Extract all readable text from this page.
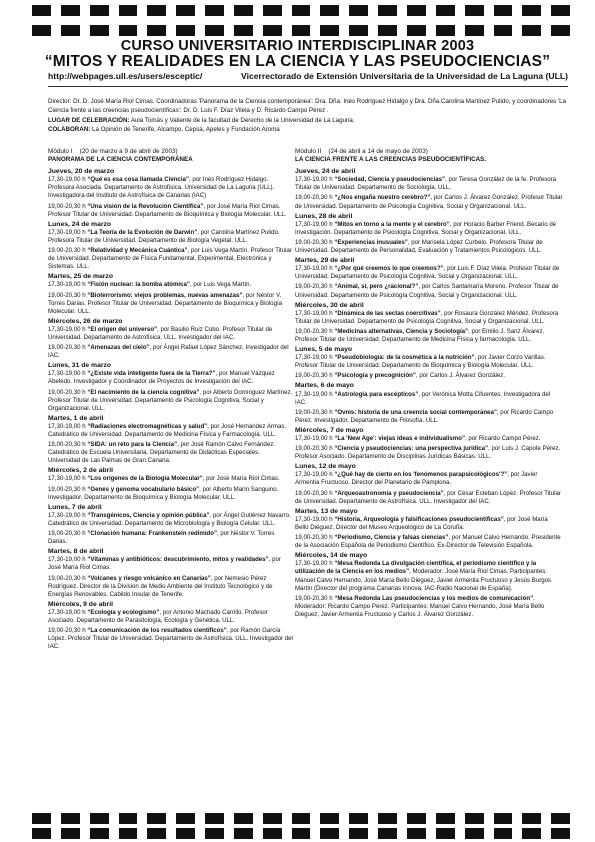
CURSO UNIVERSITARIO INTERDISCIPLINAR 2003
“MITOS Y REALIDADES EN LA CIENCIA Y LAS PSEUDOCIENCIAS”
http://webpages.ull.es/users/esceptic/	Vicerrectorado de Extensión Universitaria de la Universidad de La Laguna (ULL)
Director: Dr. D. José María Riol Cimas. Coordinadoras 'Panorama de la Ciencia contemporánea': Dra. Dña. Inés Rodríguez Hidalgo y Dra. Dña.Carolina Martínez Pulido, y coordinadores 'La Ciencia frente a las creencias pseudocientíficas': Dr. D. Luis F. Díaz Vilela y D. Ricardo Campo Pérez .
LUGAR DE CELEBRACIÓN: Aula Tomás y Valiente de la facultad de Derecho de la Universidad de La Laguna.
COLABORAN: La Opinión de Tenerife, Alcampo, Cepsa, Apeles y Fundación Aroma
Módulo I (20 de marzo a 9 de abril de 2003)
PANORAMA DE LA CIENCIA CONTEMPORÁNEA
Jueves, 20 de marzo
17,30-19,00 h “Qué es esa cosa llamada Ciencia”, por Inés Rodríguez Hidalgo. Profesora Asociada. Departamento de Astrofísica. Universidad de La Laguna (ULL). Investigadora del Instituto de Astrofísica de Canarias (IAC)
19,00-20,30 h “Una visión de la Revolución Científica”, por José María Riol Cimas. Profesor Titular de Universidad. Departamento de Bioquímica y Biología Molecular. ULL.
Lunes, 24 de marzo
17,30-19,00 h “La Teoría de la Evolución de Darwin”, por Carolina Martínez Pulido. Profesora Titular de Universidad. Departamento de Biología Vegetal. ULL.
19,00-20,30 h “Relatividad y Mecánica Cuántica”, por Luis Vega Martín. Profesor Titular de Universidad. Departamento de Física Fundamental, Experimental, Electrónica y Sistemas. ULL.
Martes, 25 de marzo
17,30-19,00 h “Fisión nuclear: la bomba atómica”, por Luis Vega Martín.
19,00-20,30 h “Bioterrorismo: viejos problemas, nuevas amenazas”, por Néstor V. Torres Darias. Profesor Titular de Universidad. Departamento de Bioquímica y Biología Molecular. ULL.
Miércoles, 26 de marzo
17,30-19,00 h “El origen del universo”, por Basilio Ruiz Cobo. Profesor Titular de Universidad. Departamento de Astrofísica. ULL. Investigador del IAC.
19,00-20,30 h “Amenazas del cielo”, por Ángel Rafael López Sánchez. Investigador del IAC.
Lunes, 31 de marzo
17,30-19,00 h “¿Existe vida inteligente fuera de la Tierra?”, por Manuel Vázquez Abeledo. Investigador y Coordinador de Proyectos de Investigación del IAC.
19,00-20,30 h “El nacimiento de la ciencia cognitiva”, por Alberto Domínguez Martínez. Profesor Titular de Universidad. Departamento de Psicología Cognitiva, Social y Organizacional. ULL.
Martes, 1 de abril
17,30-19,00 h “Radiaciones electromagnéticas y salud”, por José Hernández Armas. Catedrático de Universidad. Departamento de Medicina Física y Farmacología. ULL.
19,00-20,30 h “SIDA: un reto para la Ciencia”, por José Ramón Calvo Fernández. Catedrático de Escuela Universitaria. Departamento de Didácticas Especiales. Universidad de Las Palmas de Gran Canaria.
Miércoles, 2 de abril
17,30-19,00 h “Los orígenes de la Biología Molecular”, por José María Riol Cimas.
19,00-20,30 h “Genes y genoma vocabulario básico”, por Alberto Marín Sanguino. Investigador. Departamento de Bioquímica y Biología Molecular. ULL.
Lunes, 7 de abril
17,30-19,00 h “Transgénicos, Ciencia y opinión pública”, por Ángel Gutiérrez Navarro. Catedrático de Universidad. Departamento de Microbiología y Biología Celular. ULL.
19,00-20,30 h “Clonación humana: Frankenstein redimido”, por Néstor V. Torres Darias.
Martes, 8 de abril
17,30-19,00 h “Vitaminas y antibióticos: descubrimiento, mitos y realidades”, por José María Riol Cimas.
19,00-20,30 h “Volcanes y riesgo volcánico en Canarias”, por Nemesio Pérez Rodríguez. Director de la División de Medio Ambiente del Instituto Tecnológico y de Energías Renovables. Cabildo Insular de Tenerife.
Miércoles, 9 de abril
17,30-19,00 h “Ecología y ecologismo”, por Antonio Machado Carrillo. Profesor Asociado. Departamento de Parasitología, Ecología y Genética. ULL.
19,00-20,30 h “La comunicación de los resultados científicos”, por Ramón García López. Profesor Titular de Universidad. Departamento de Astrofísica. ULL. Investigador del IAC.
Módulo II (24 de abril a 14 de mayo de 2003)
LA CIENCIA FRENTE A LAS CREENCIAS PSEUDOCIENTÍFICAS.
Jueves, 24 de abril
17,30-19,00 h “Sociedad, Ciencia y pseudociencias”, por Teresa González de la fe. Profesora Titular de Universidad. Departamento de Sociología. ULL.
19,00-20,30 h “¿Nos engaña nuestro cerebro?”, por Carlos J. Álvarez González. Profesor Titular de Universidad. Departamento de Psicología Cognitiva, Social y Organizacional. ULL.
Lunes, 28 de abril
17,30-19,00 h “Mitos en torno a la mente y el cerebro”, por Horacio Barber Friend. Becario de Investigación. Departamento de Psicología Cognitiva, Social y Organizacional. ULL.
19,00-20,30 h “Experiencias inusuales”, por Marisela López Curbelo. Profesora Titular de Universidad. Departamento de Personalidad, Evaluación y Tratamientos Psicológicos. ULL.
Martes, 29 de abril
17,30-19,00 h “¿Por qué creemos lo que creemos?”, por Luis F. Díaz Vilela. Profesor Titular de Universidad. Departamento de Psicología Cognitiva, Social y Organizacional. ULL.
19,00-20,30 h “Animal, sí, pero ¿racional?”, por Carlos Santamaría Moreno. Profesor Titular de Universidad. Departamento de Psicología Cognitiva, Social y Organizacional. ULL.
Miércoles, 30 de abril
17,30-19,00 h “Dinámica de las sectas coercitivas”, por Rosaura González Méndez. Profesora Titular de Universidad. Departamento de Psicología Cognitiva, Social y Organizacional. ULL.
19,00-20,30 h “Medicinas alternativas, Ciencia y Sociología”, por Emilio J. Sanz Álvarez. Profesor Titular de Universidad. Departamento de Medicina Física y farmacología. ULL.
Lunes, 5 de mayo
17,30-19,00 h “Pseudobiología: de la cosmética a la nutrición”, por Javier Corzo Varillas. Profesor Titular de Universidad. Departamento de Bioquímica y Biología Molecular. ULL.
19,00-20,30 h “Psicología y precognición”, por Carlos J. Álvarez González.
Martes, 6 de mayo
17,30-19,00 h “Astrología para escépticos”, por Verónica Motta Cifuentes. Investigadora del IAC.
19,00-20,30 h “Ovnis: historia de una creencia social contemporánea”, por Ricardo Campo Pérez. Investigador. Departamento de Filosofía. ULL.
Miércoles, 7 de mayo
17,30-19,00 h “La 'New Age': viejas ideas e individualismo”, por Ricardo Campo Pérez.
19,00-20,30 h “Ciencia y pseudociencias: una perspectiva jurídica”, por Luis J. Capote Pérez. Profesor Asociado. Departamento de Disciplinas Jurídicas Básicas. ULL.
Lunes, 12 de mayo
17,30-19,00 h “¿Qué hay de cierto en los 'fenómenos parapsicológicos'?”, por Javier Armentia Fructuoso. Director del Planetario de Pamplona.
19,00-20,30 h “Arqueoastronomía y pseudociencia”, por César Esteban López. Profesor Titular de Universidad. Departamento de Astrofísica. ULL. Investigador del IAC.
Martes, 13 de mayo
17,30-19,00 h “Historia, Arqueología y falsificaciones pseudocientíficas”, por José María Bello Diéguez. Director del Museo Arqueológico de La Coruña.
19,00-20,30 h “Periodismo, Ciencia y falsas ciencias”, por Manuel Calvo Hernando. Presidente de la Asociación Española de Periodismo Científico. Ex-Director de Televisión Española.
Miércoles, 14 de mayo
17,30-19,00 h “Mesa Redonda La divulgación científica, el periodismo científico y la utilización de la Ciencia en los medios”, Moderador: José María Riol Cimas. Participantes: Manuel Calvo Hernando, José María Bello Diéguez, Javier Armentia Fructuoso y Jesús Burgos Martín (Director del programa Canarias Innova, IAC-Radio Nacional de España).
19,00-20,30 h “Mesa Redonda Las pseudociencias y los medios de comunicación”. Moderador: Ricardo Campo Pérez. Participantes: Manuel Calvo Hernando, José María Bello Diéguez, Javier Armentia Fructuoso y Carlos J. Álvarez González.
